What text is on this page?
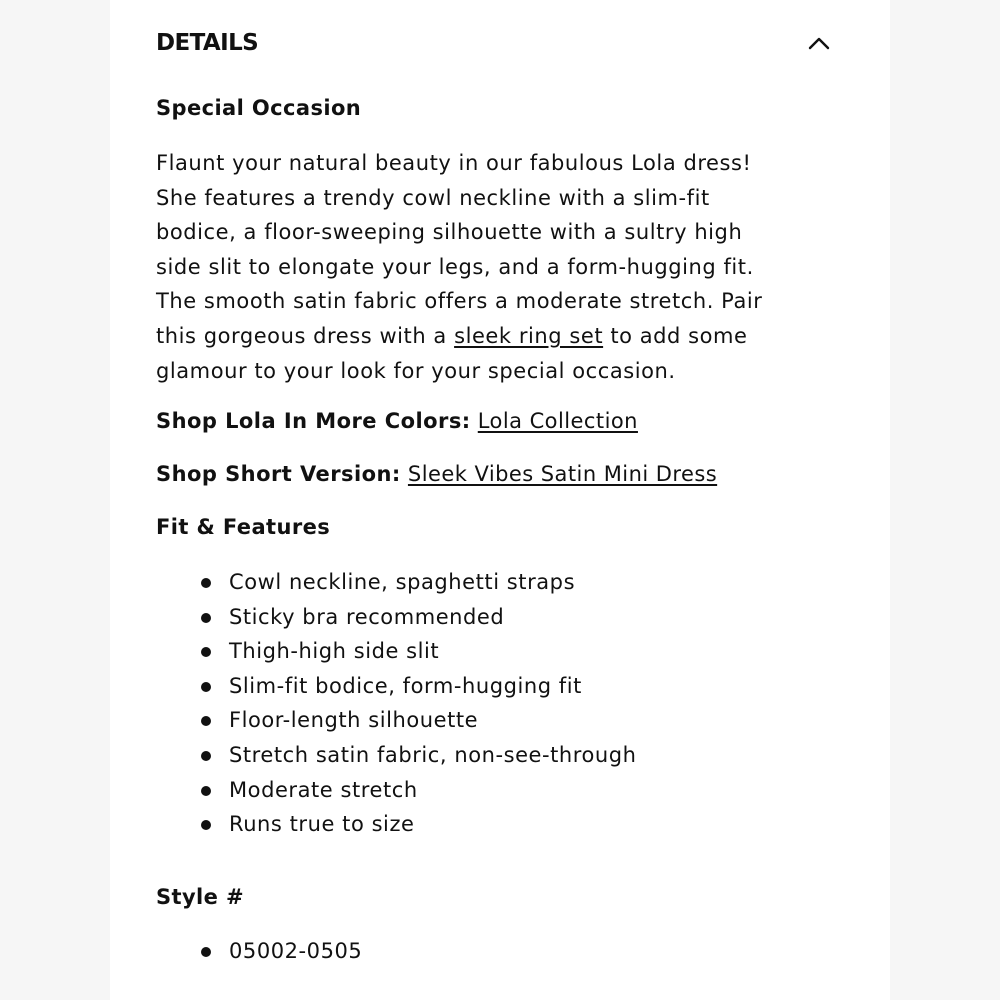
DETAILS
Special Occasion
Flaunt your natural beauty in our fabulous Lola dress!
She features a trendy cowl neckline with a slim-fit
bodice, a floor-sweeping silhouette with a sultry high
side slit to elongate your legs, and a form-hugging fit.
The smooth satin fabric offers a moderate stretch. Pair
this gorgeous dress with a sleek ring set to add some
glamour to your look for your special occasion.
Shop Lola In More Colors: Lola Collection
Shop Short Version: Sleek Vibes Satin Mini Dress
Fit & Features
Cowl neckline, spaghetti straps
Sticky bra recommended
Thigh-high side slit
Slim-fit bodice, form-hugging fit
Floor-length silhouette
Stretch satin fabric, non-see-through
Moderate stretch
Runs true to size
Style #
05002-0505
